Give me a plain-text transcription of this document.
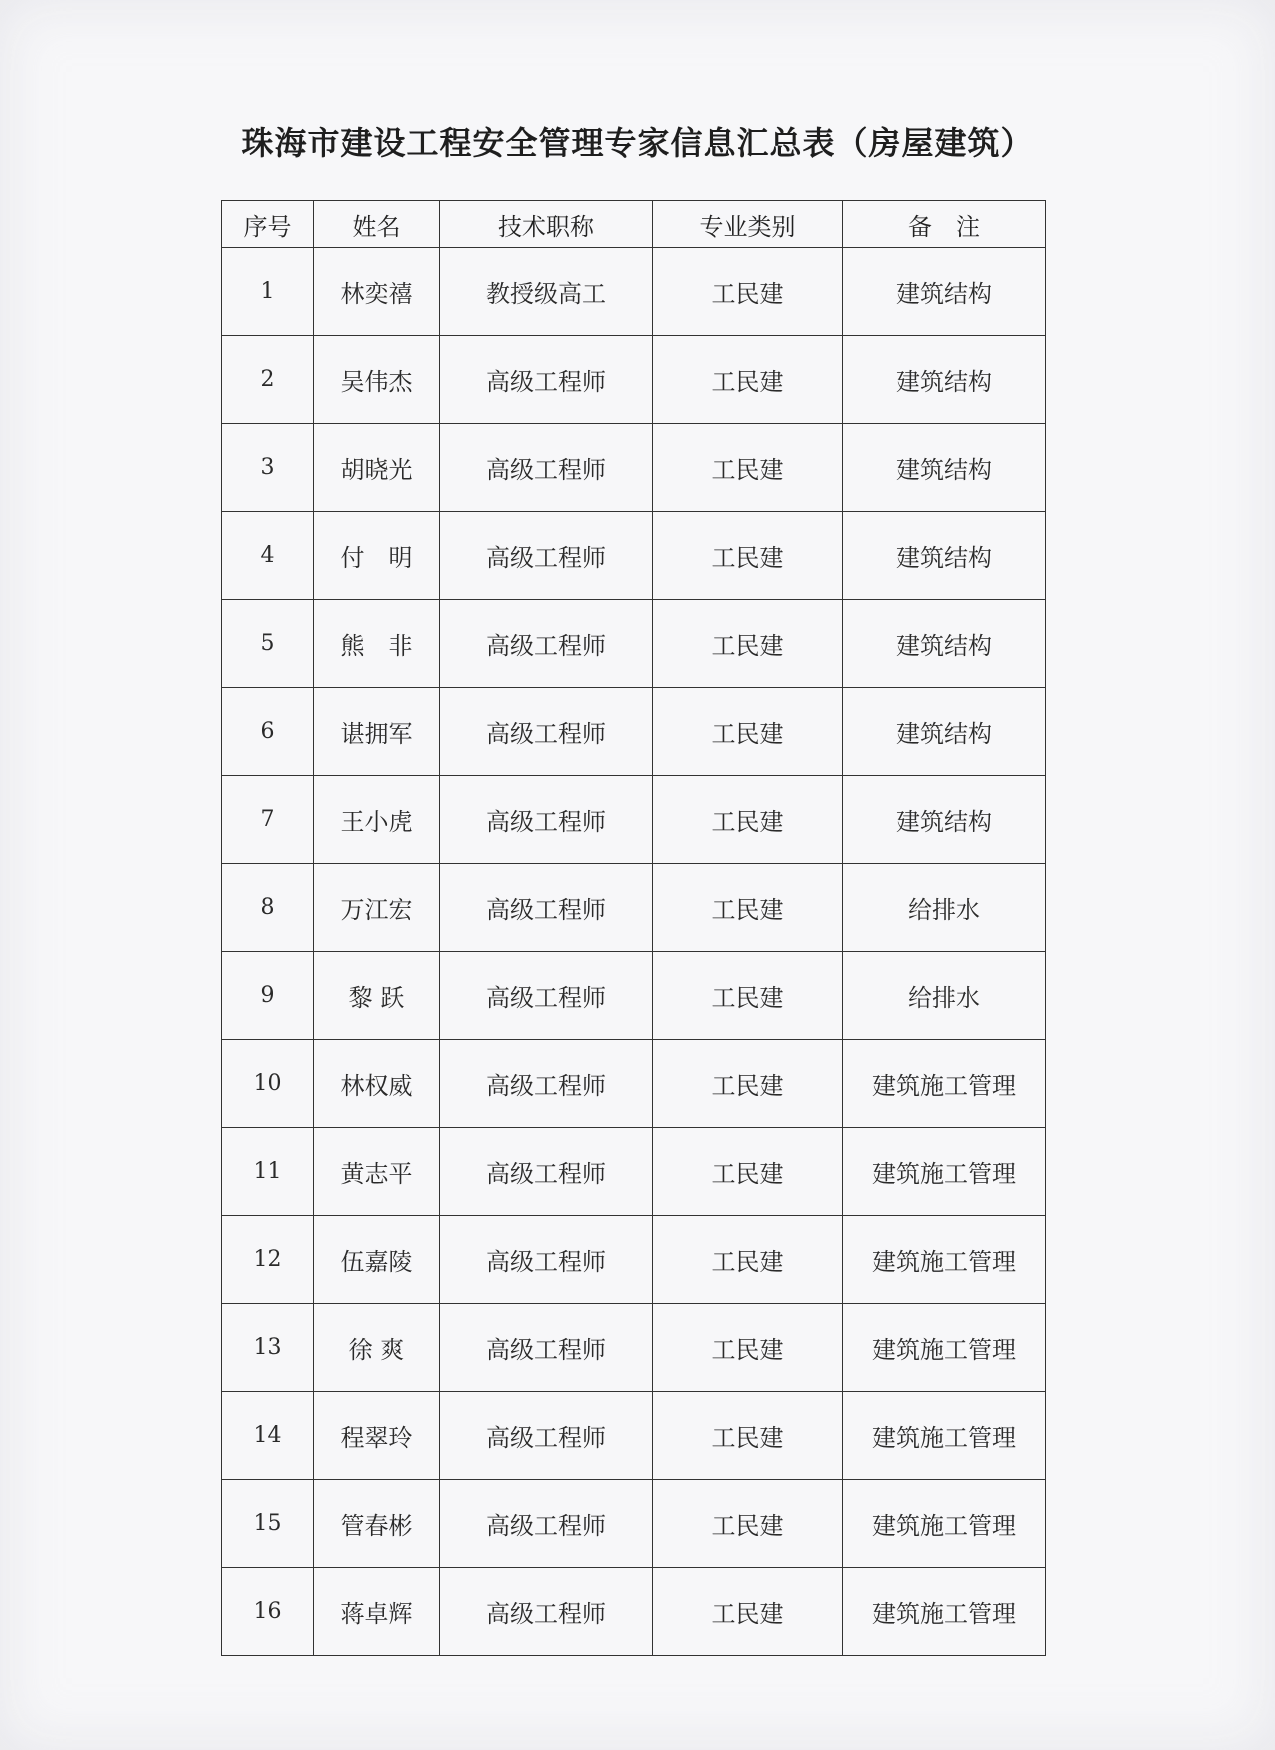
珠海市建设工程安全管理专家信息汇总表（房屋建筑）
序号	姓名	技术职称	专业类别	备　注
1	林奕禧	教授级高工	工民建	建筑结构
2	吴伟杰	高级工程师	工民建	建筑结构
3	胡晓光	高级工程师	工民建	建筑结构
4	付　明	高级工程师	工民建	建筑结构
5	熊　非	高级工程师	工民建	建筑结构
6	谌拥军	高级工程师	工民建	建筑结构
7	王小虎	高级工程师	工民建	建筑结构
8	万江宏	高级工程师	工民建	给排水
9	黎 跃	高级工程师	工民建	给排水
10	林权威	高级工程师	工民建	建筑施工管理
11	黄志平	高级工程师	工民建	建筑施工管理
12	伍嘉陵	高级工程师	工民建	建筑施工管理
13	徐 爽	高级工程师	工民建	建筑施工管理
14	程翠玲	高级工程师	工民建	建筑施工管理
15	管春彬	高级工程师	工民建	建筑施工管理
16	蒋卓辉	高级工程师	工民建	建筑施工管理
